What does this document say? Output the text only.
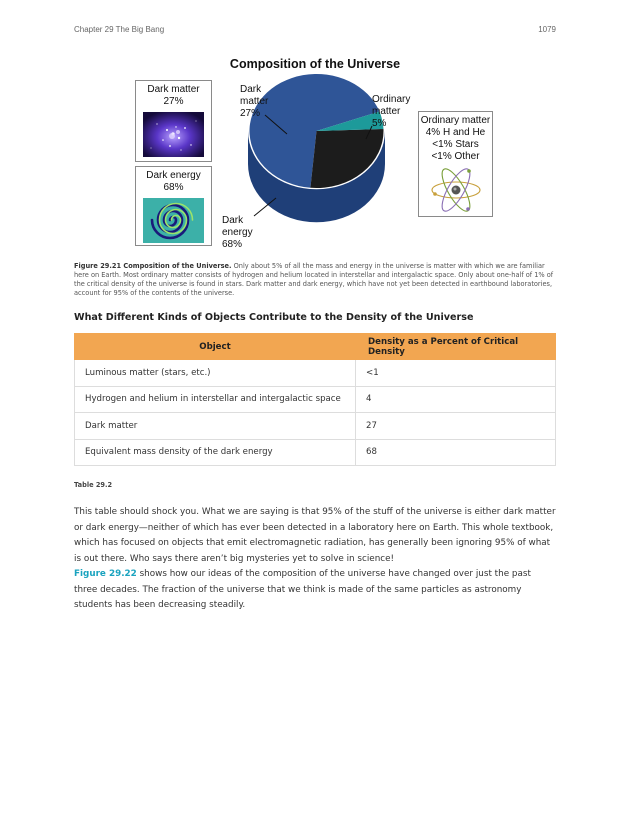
Chapter 29 The Big Bang	1079
Composition of the Universe
Dark matter
27%
Dark energy
68%
Dark
matter
27%
Ordinary
matter
5%
Dark
energy
68%
Ordinary matter
4% H and He
<1% Stars
<1% Other
Figure 29.21 Composition of the Universe. Only about 5% of all the mass and energy in the universe is matter with which we are familiar here on Earth. Most ordinary matter consists of hydrogen and helium located in interstellar and intergalactic space. Only about one-half of 1% of the critical density of the universe is found in stars. Dark matter and dark energy, which have not yet been detected in earthbound laboratories, account for 95% of the contents of the universe.
What Different Kinds of Objects Contribute to the Density of the Universe
Object	Density as a Percent of Critical Density
Luminous matter (stars, etc.)	<1
Hydrogen and helium in interstellar and intergalactic space	4
Dark matter	27
Equivalent mass density of the dark energy	68
Table 29.2

This table should shock you. What we are saying is that 95% of the stuff of the universe is either dark matter or dark energy—neither of which has ever been detected in a laboratory here on Earth. This whole textbook, which has focused on objects that emit electromagnetic radiation, has generally been ignoring 95% of what is out there. Who says there aren’t big mysteries yet to solve in science!

Figure 29.22 shows how our ideas of the composition of the universe have changed over just the past three decades. The fraction of the universe that we think is made of the same particles as astronomy students has been decreasing steadily.
